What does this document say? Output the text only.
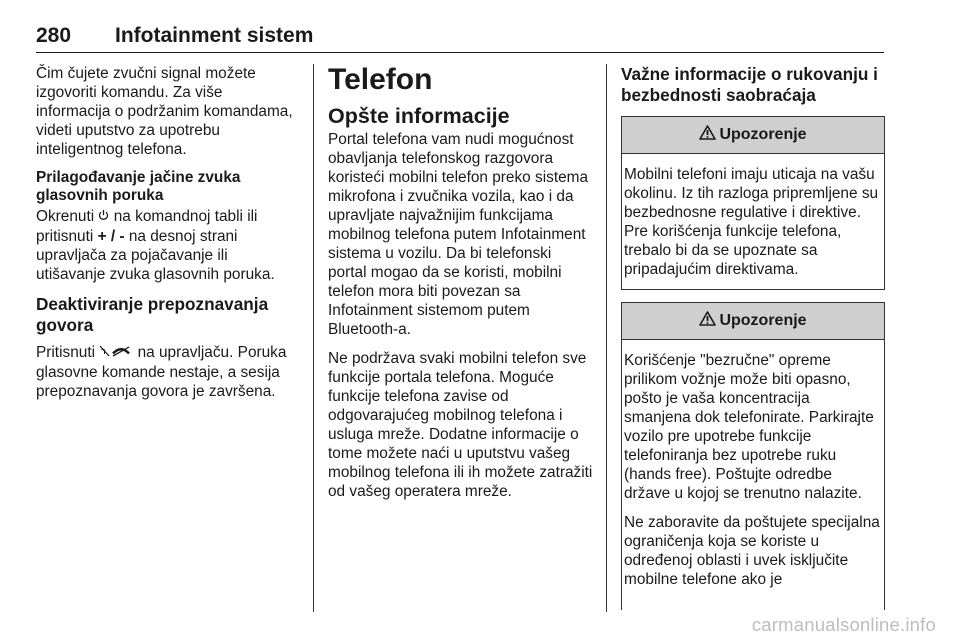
280 Infotainment sistem

Čim čujete zvučni signal možete izgovoriti komandu. Za više informacija o podržanim komandama, videti uputstvo za upotrebu inteligentnog telefona.

Prilagođavanje jačine zvuka glasovnih poruka

Okrenuti  na komandnoj tabli ili pritisnuti + / - na desnoj strani upravljača za pojačavanje ili utišavanje zvuka glasovnih poruka.

Deaktiviranje prepoznavanja govora

Pritisnuti  na upravljaču. Poruka glasovne komande nestaje, a sesija prepoznavanja govora je završena.

Telefon
Opšte informacije

Portal telefona vam nudi mogućnost obavljanja telefonskog razgovora koristeći mobilni telefon preko sistema mikrofona i zvučnika vozila, kao i da upravljate najvažnijim funkcijama mobilnog telefona putem Infotainment sistema u vozilu. Da bi telefonski portal mogao da se koristi, mobilni telefon mora biti povezan sa Infotainment sistemom putem Bluetooth-a.

Ne podržava svaki mobilni telefon sve funkcije portala telefona. Moguće funkcije telefona zavise od odgovarajućeg mobilnog telefona i usluga mreže. Dodatne informacije o tome možete naći u uputstvu vašeg mobilnog telefona ili ih možete zatražiti od vašeg operatera mreže.

Važne informacije o rukovanju i bezbednosti saobraćaja
Upozorenje

Mobilni telefoni imaju uticaja na vašu okolinu. Iz tih razloga pripremljene su bezbednosne regulative i direktive. Pre korišćenja funkcije telefona, trebalo bi da se upoznate sa pripadajućim direktivama.

Upozorenje

Korišćenje "bezručne" opreme prilikom vožnje može biti opasno, pošto je vaša koncentracija smanjena dok telefonirate. Parkirajte vozilo pre upotrebe funkcije telefoniranja bez upotrebe ruku (hands free). Poštujte odredbe države u kojoj se trenutno nalazite.

Ne zaboravite da poštujete specijalna ograničenja koja se koriste u određenoj oblasti i uvek isključite mobilne telefone ako je

carmanualsonline.info
